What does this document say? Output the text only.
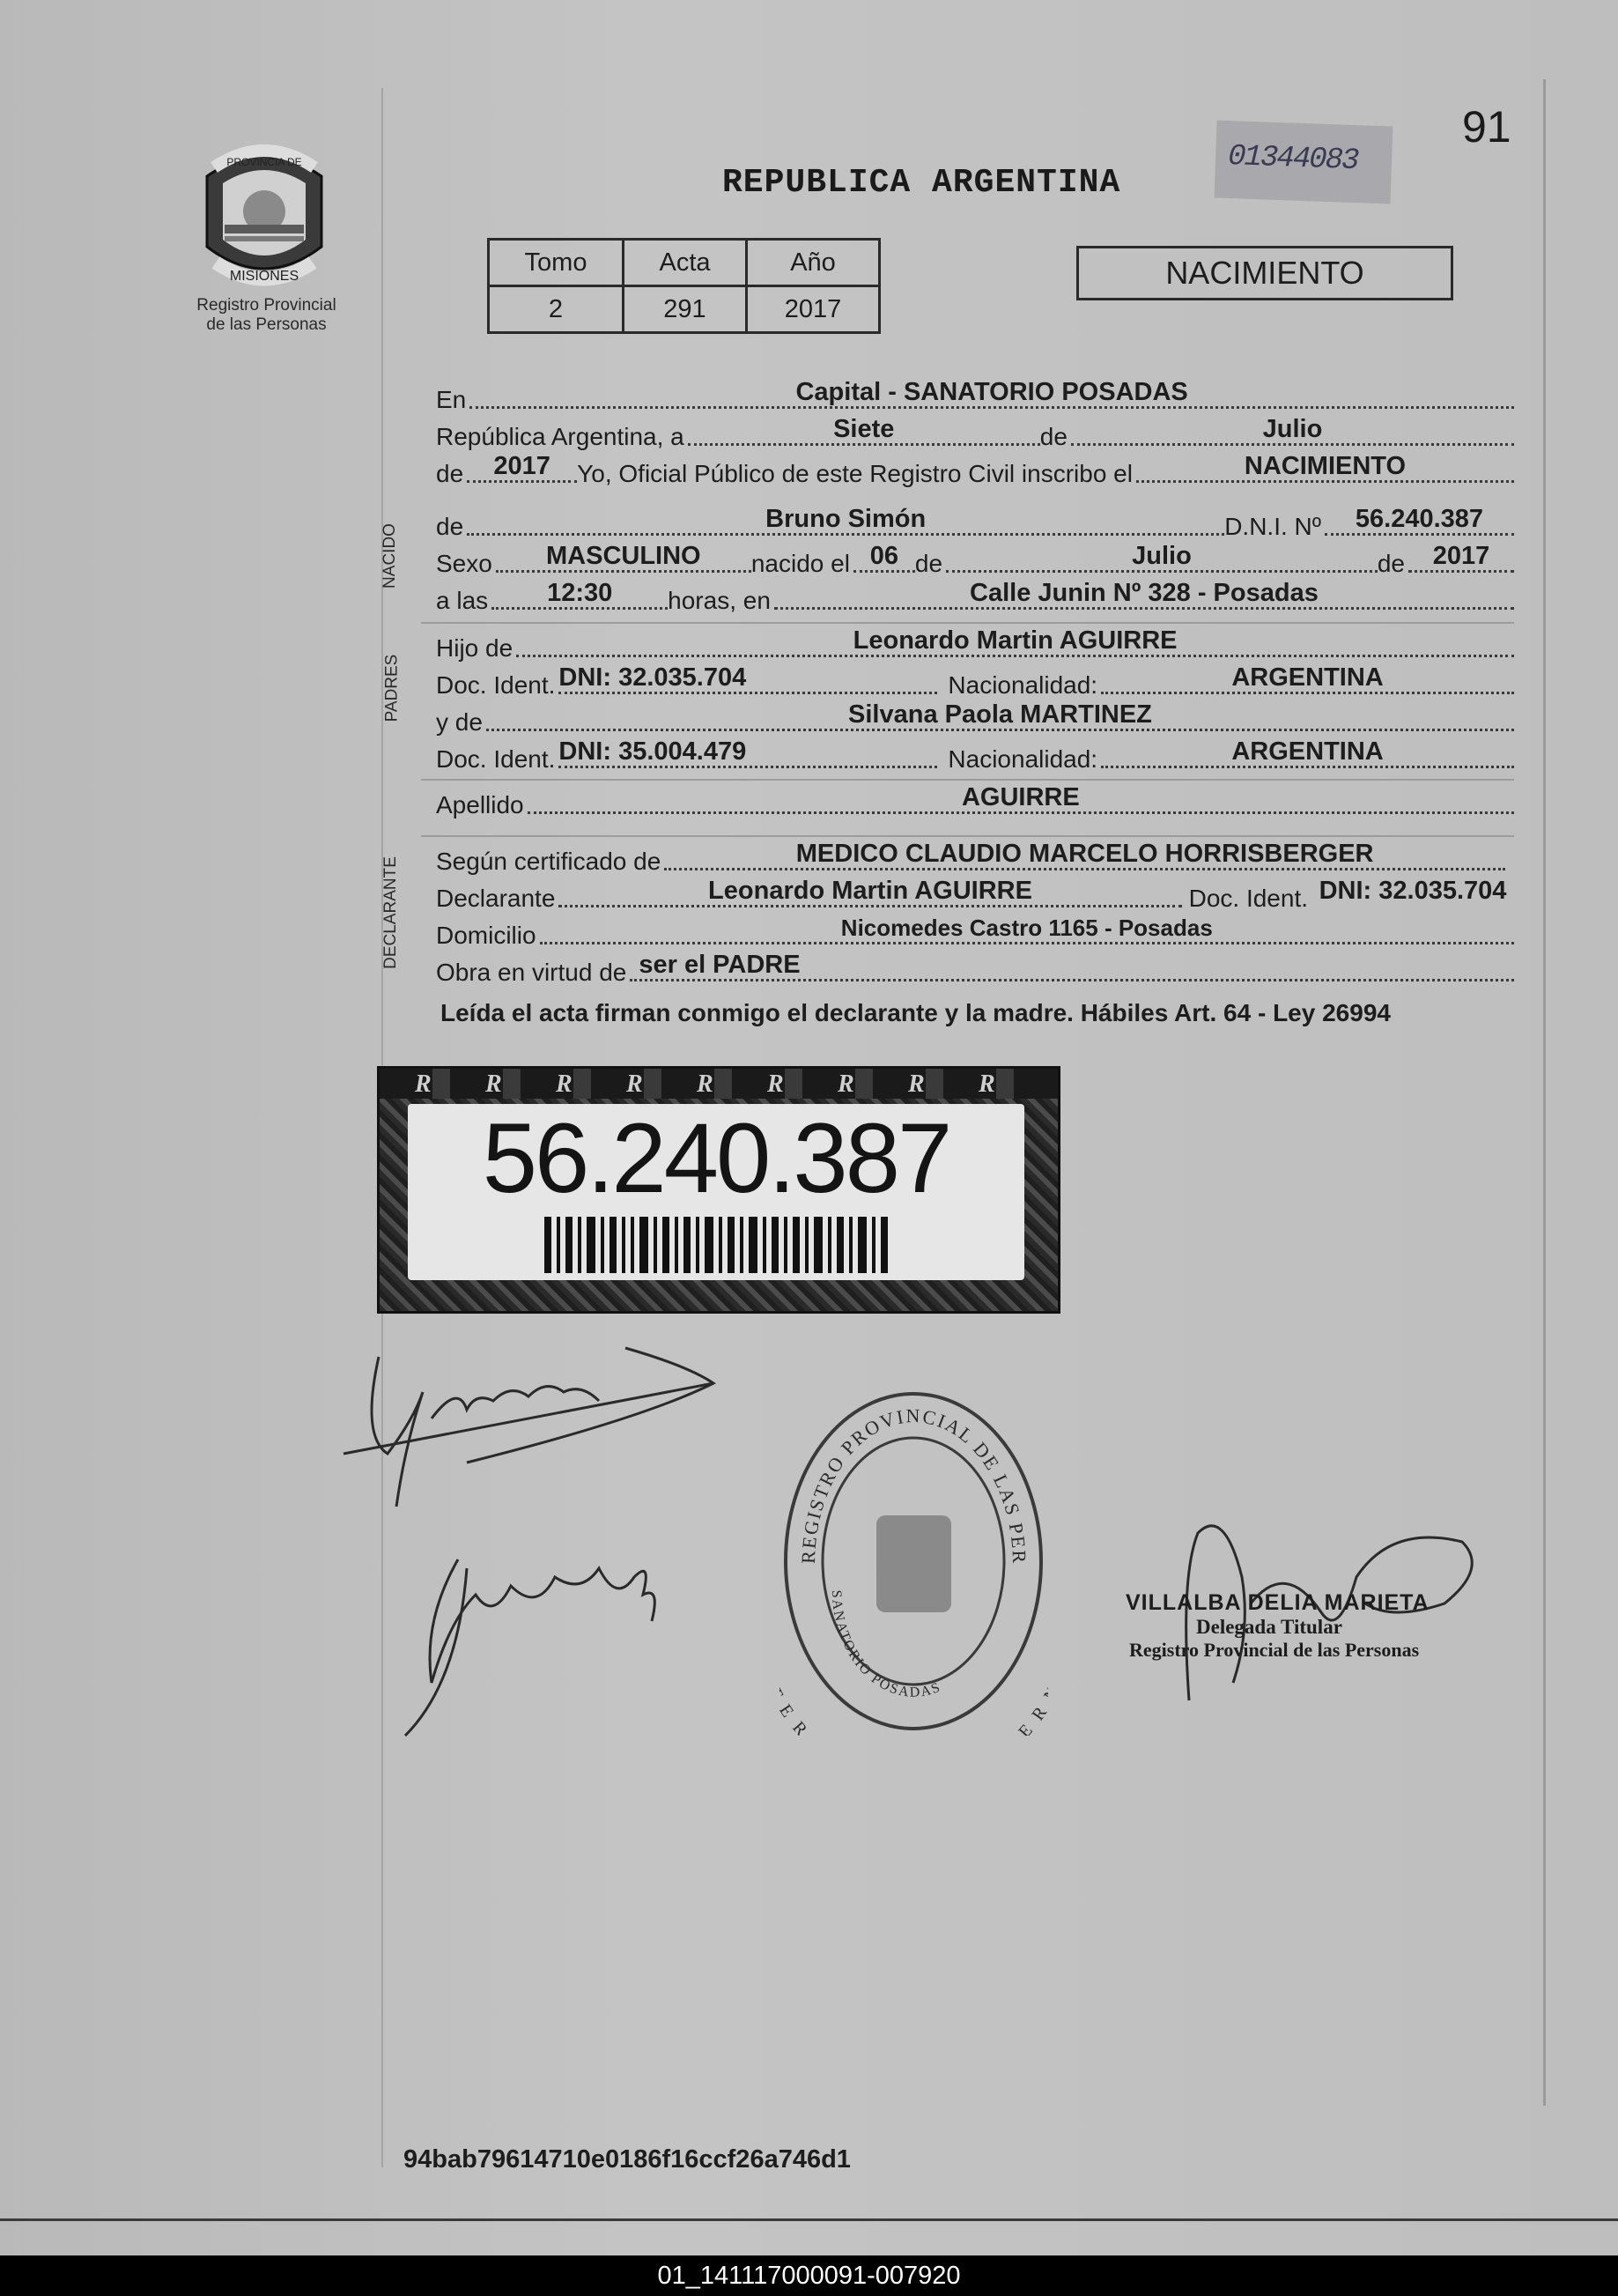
PROVINCIA DE
MISIONES
Registro Provincial
de las Personas
91
01344083
REPUBLICA ARGENTINA
Tomo	Acta	Año
2	291	2017
NACIMIENTO
En	Capital - SANATORIO POSADAS
República Argentina, a	Siete	de	Julio
de	2017	Yo, Oficial Público de este Registro Civil inscribo el	NACIMIENTO
NACIDO de	Bruno Simón	D.N.I. Nº	56.240.387
Sexo	MASCULINO	nacido el 06 de	Julio	de	2017
a las	12:30	horas, en	Calle Junin Nº 328 - Posadas
PADRES
Hijo de	Leonardo Martin AGUIRRE
Doc. Ident. DNI: 32.035.704	Nacionalidad:	ARGENTINA
y de	Silvana Paola MARTINEZ
Doc. Ident. DNI: 35.004.479	Nacionalidad:	ARGENTINA
Apellido	AGUIRRE
DECLARANTE Según certificado de	MEDICO CLAUDIO MARCELO HORRISBERGER
Declarante	Leonardo Martin AGUIRRE	Doc. Ident. DNI: 32.035.704
Domicilio	Nicomedes Castro 1165 - Posadas
Obra en virtud de ser el PADRE
Leída el acta firman conmigo el declarante y la madre. Hábiles Art. 64 - Ley 26994
R R R R R R R R R
56.240.387
REGISTRO PROVINCIAL DE LAS PER
SANATORIO POSADAS
R E
VILLALBA DELIA MARIETA
Delegada Titular
Registro Provincial de las Personas
94bab79614710e0186f16ccf26a746d1
01_141117000091-007920
